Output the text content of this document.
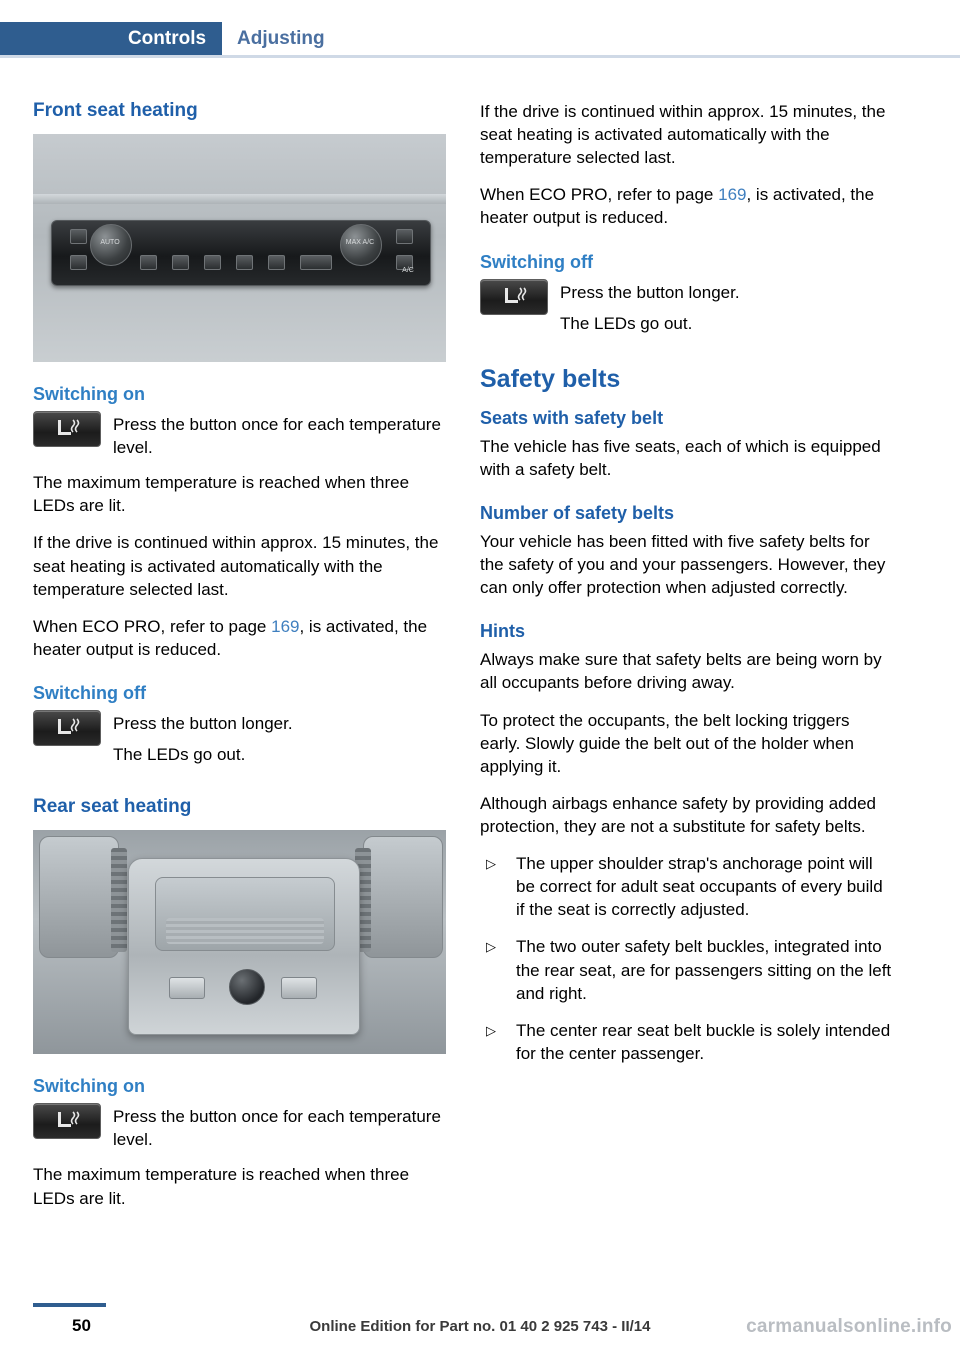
Controls	Adjusting
Front seat heating
AUTO	MAX A/C
A/C
Switching on

Press the button once for each temperature level.

The maximum temperature is reached when three LEDs are lit.

If the drive is continued within approx. 15 minutes, the seat heating is activated automatically with the temperature selected last.

When ECO PRO, refer to page 169, is activated, the heater output is reduced.

Switching off

Press the button longer.

The LEDs go out.

Rear seat heating
Switching on

Press the button once for each temperature level.

The maximum temperature is reached when three LEDs are lit.

If the drive is continued within approx. 15 minutes, the seat heating is activated automatically with the temperature selected last.

When ECO PRO, refer to page 169, is activated, the heater output is reduced.

Switching off

Press the button longer.

The LEDs go out.

Safety belts
Seats with safety belt

The vehicle has five seats, each of which is equipped with a safety belt.

Number of safety belts

Your vehicle has been fitted with five safety belts for the safety of you and your passengers. However, they can only offer protection when adjusted correctly.

Hints

Always make sure that safety belts are being worn by all occupants before driving away.

To protect the occupants, the belt locking triggers early. Slowly guide the belt out of the holder when applying it.

Although airbags enhance safety by providing added protection, they are not a substitute for safety belts.

▷ The upper shoulder strap's anchorage point will be correct for adult seat occupants of every build if the seat is correctly adjusted.
▷ The two outer safety belt buckles, integrated into the rear seat, are for passengers sitting on the left and right.
▷ The center rear seat belt buckle is solely intended for the center passenger.
50	Online Edition for Part no. 01 40 2 925 743 - II/14	carmanualsonline.info
